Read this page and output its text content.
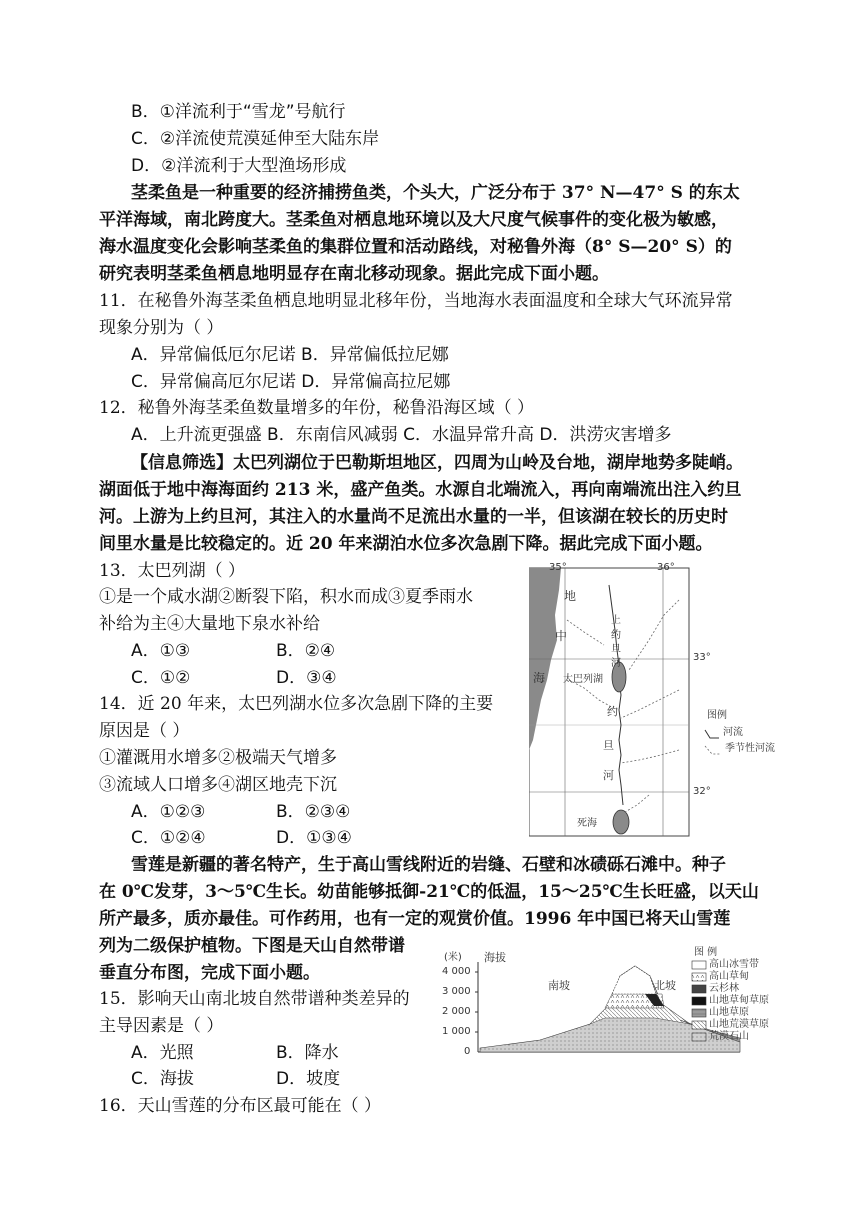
B．①洋流利于“雪龙”号航行
C．②洋流使荒漠延伸至大陆东岸
D．②洋流利于大型渔场形成
茎柔鱼是一种重要的经济捕捞鱼类，个头大，广泛分布于 37° N—47° S 的东太
平洋海域，南北跨度大。茎柔鱼对栖息地环境以及大尺度气候事件的变化极为敏感，
海水温度变化会影响茎柔鱼的集群位置和活动路线，对秘鲁外海（8° S—20° S）的
研究表明茎柔鱼栖息地明显存在南北移动现象。据此完成下面小题。
11．在秘鲁外海茎柔鱼栖息地明显北移年份，当地海水表面温度和全球大气环流异常
现象分别为（ ）
A．异常偏低厄尔尼诺 B．异常偏低拉尼娜
C．异常偏高厄尔尼诺 D．异常偏高拉尼娜
12．秘鲁外海茎柔鱼数量增多的年份，秘鲁沿海区域（ ）
A．上升流更强盛 B．东南信风减弱 C．水温异常升高 D．洪涝灾害增多
【信息筛选】太巴列湖位于巴勒斯坦地区，四周为山岭及台地，湖岸地势多陡峭。
湖面低于地中海海面约 213 米，盛产鱼类。水源自北端流入，再向南端流出注入约旦
河。上游为上约旦河，其注入的水量尚不足流出水量的一半，但该湖在较长的历史时
间里水量是比较稳定的。近 20 年来湖泊水位多次急剧下降。据此完成下面小题。
13．太巴列湖（ ）
①是一个咸水湖②断裂下陷，积水而成③夏季雨水
补给为主④大量地下泉水补给
A．①③	B．②④
C．①②	D．③④
14．近 20 年来，太巴列湖水位多次急剧下降的主要
原因是（ ）
①灌溉用水增多②极端天气增多
③流域人口增多④湖区地壳下沉
A．①②③	B．②③④
C．①②④	D．①③④
雪莲是新疆的著名特产，生于高山雪线附近的岩缝、石壁和冰碛砾石滩中。种子
在 0℃发芽，3～5℃生长。幼苗能够抵御-21℃的低温，15～25℃生长旺盛，以天山
所产最多，质亦最佳。可作药用，也有一定的观赏价值。1996 年中国已将天山雪莲
列为二级保护植物。下图是天山自然带谱
垂直分布图，完成下面小题。
15．影响天山南北坡自然带谱种类差异的
主导因素是（ ）
A．光照	B．降水
C．海拔	D．坡度
16．天山雪莲的分布区最可能在（ ）
35°	36°
33°
32°
地
中
海
上
约
旦
河
太巴列湖
约
旦
河
死海
图例
河流
季节性河流
(米) 海拔
4 000
3 000
2 000
1 000
0
南坡	北坡
图 例
高山冰雪带
高山草甸
云杉林
山地草甸草原
山地草原
山地荒漠草原
荒漠石山
